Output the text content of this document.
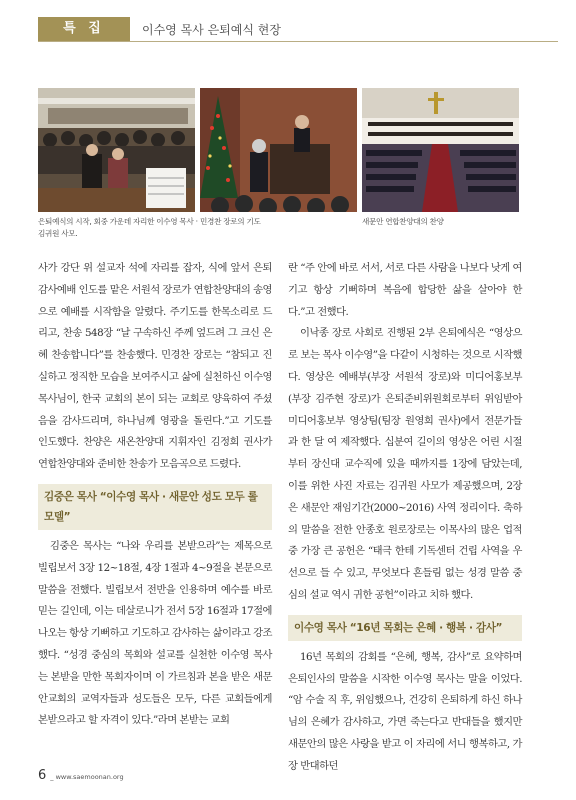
특 집	이수영 목사 은퇴예식 현장
은퇴예식의 시작, 회중 가운데 자리한 이수영 목사 · 김귀원 사모.
민경찬 장로의 기도	새문안 연합찬양대의 찬양

사가 강단 위 설교자 석에 자리를 잡자, 식에 앞서 은퇴감사예배 인도를 맡은 서원석 장로가 연합찬양대의 송영으로 예배를 시작함을 알렸다. 주기도를 한목소리로 드리고, 찬송 548장 “날 구속하신 주께 엎드려 그 크신 은혜 찬송합니다”를 찬송했다. 민경찬 장로는 “참되고 진실하고 정직한 모습을 보여주시고 삶에 실천하신 이수영 목사님이, 한국 교회의 본이 되는 교회로 양육하여 주셨음을 감사드리며, 하나님께 영광을 돌린다.”고 기도를 인도했다. 찬양은 새온찬양대 지휘자인 김정희 권사가 연합찬양대와 준비한 찬송가 모음곡으로 드렸다.

김중은 목사 “이수영 목사 · 새문안 성도 모두 롤모델”

김중은 목사는 “나와 우리를 본받으라”는 제목으로 빌립보서 3장 12~18절, 4장 1절과 4~9절을 본문으로 말씀을 전했다. 빌립보서 전반을 인용하며 예수를 바로 믿는 길인데, 이는 데살로니가 전서 5장 16절과 17절에 나오는 항상 기뻐하고 기도하고 감사하는 삶이라고 강조했다. “성경 중심의 목회와 설교를 실천한 이수영 목사는 본받을 만한 목회자이며 이 가르침과 본을 받은 새문안교회의 교역자들과 성도들은 모두, 다른 교회들에게 본받으라고 할 자격이 있다.”라며 본받는 교회

란 “주 안에 바로 서서, 서로 다른 사람을 나보다 낫게 여기고 항상 기뻐하며 복음에 합당한 삶을 살아야 한다.”고 전했다.

이낙종 장로 사회로 진행된 2부 은퇴예식은 “영상으로 보는 목사 이수영”을 다같이 시청하는 것으로 시작했다. 영상은 예배부(부장 서원석 장로)와 미디어홍보부(부장 김주현 장로)가 은퇴준비위원회로부터 위임받아 미디어홍보부 영상팀(팀장 원영희 권사)에서 전문가들과 한 달 여 제작했다. 십분여 길이의 영상은 어린 시절부터 장신대 교수직에 있을 때까지를 1장에 담았는데, 이를 위한 사진 자료는 김귀원 사모가 제공했으며, 2장은 새문안 재임기간(2000~2016) 사역 정리이다. 축하의 말씀을 전한 안종호 원로장로는 이목사의 많은 업적 중 가장 큰 공헌은 “태극 한테 기독센터 건립 사역을 우선으로 들 수 있고, 무엇보다 흔들림 없는 성경 말씀 중심의 설교 역시 귀한 공헌”이라고 치하 했다.

이수영 목사 “16년 목회는 은혜 · 행복 · 감사”

16년 목회의 감회를 “은혜, 행복, 감사”로 요약하며 은퇴인사의 말씀을 시작한 이수영 목사는 말을 이었다. “암 수술 직 후, 위임했으나, 건강히 은퇴하게 하신 하나님의 은혜가 감사하고, 가면 죽는다고 반대들을 했지만 새문안의 많은 사랑을 받고 이 자리에 서니 행복하고, 가장 반대하던

6 _ www.saemoonan.org
